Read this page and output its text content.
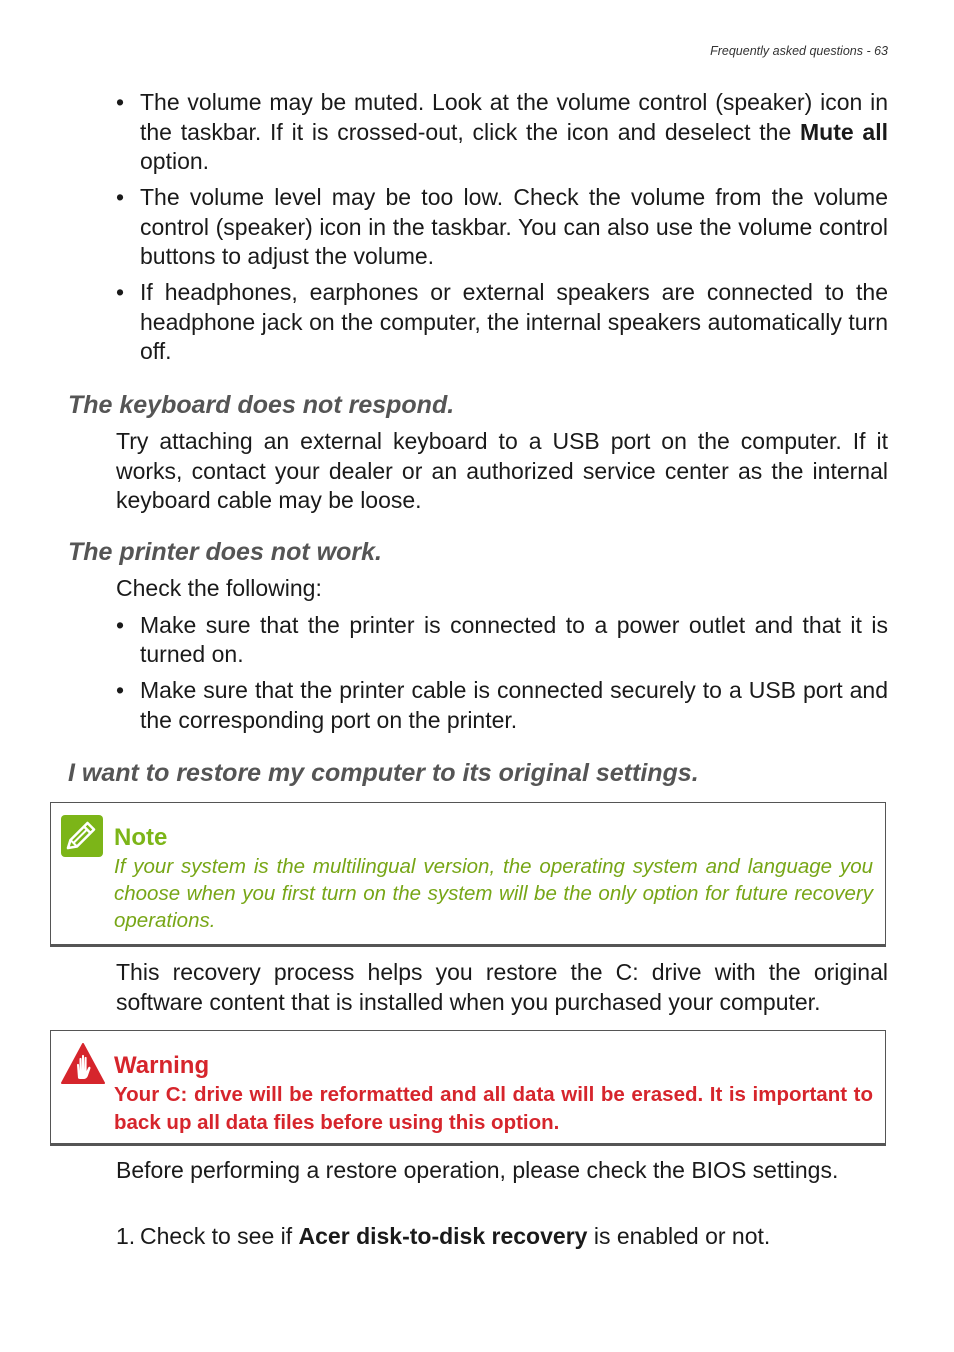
Frequently asked questions - 63
• The volume may be muted. Look at the volume control (speaker) icon in the taskbar. If it is crossed-out, click the icon and deselect the Mute all option.
• The volume level may be too low. Check the volume from the volume control (speaker) icon in the taskbar. You can also use the volume control buttons to adjust the volume.
• If headphones, earphones or external speakers are connected to the headphone jack on the computer, the internal speakers automatically turn off.
The keyboard does not respond.

Try attaching an external keyboard to a USB port on the computer. If it works, contact your dealer or an authorized service center as the internal keyboard cable may be loose.

The printer does not work.

Check the following:

• Make sure that the printer is connected to a power outlet and that it is turned on.
• Make sure that the printer cable is connected securely to a USB port and the corresponding port on the printer.
I want to restore my computer to its original settings.
Note
If your system is the multilingual version, the operating system and language you choose when you first turn on the system will be the only option for future recovery operations.

This recovery process helps you restore the C: drive with the original software content that is installed when you purchased your computer.

Warning
Your C: drive will be reformatted and all data will be erased. It is important to back up all data files before using this option.

Before performing a restore operation, please check the BIOS settings.

1. Check to see if Acer disk-to-disk recovery is enabled or not.
